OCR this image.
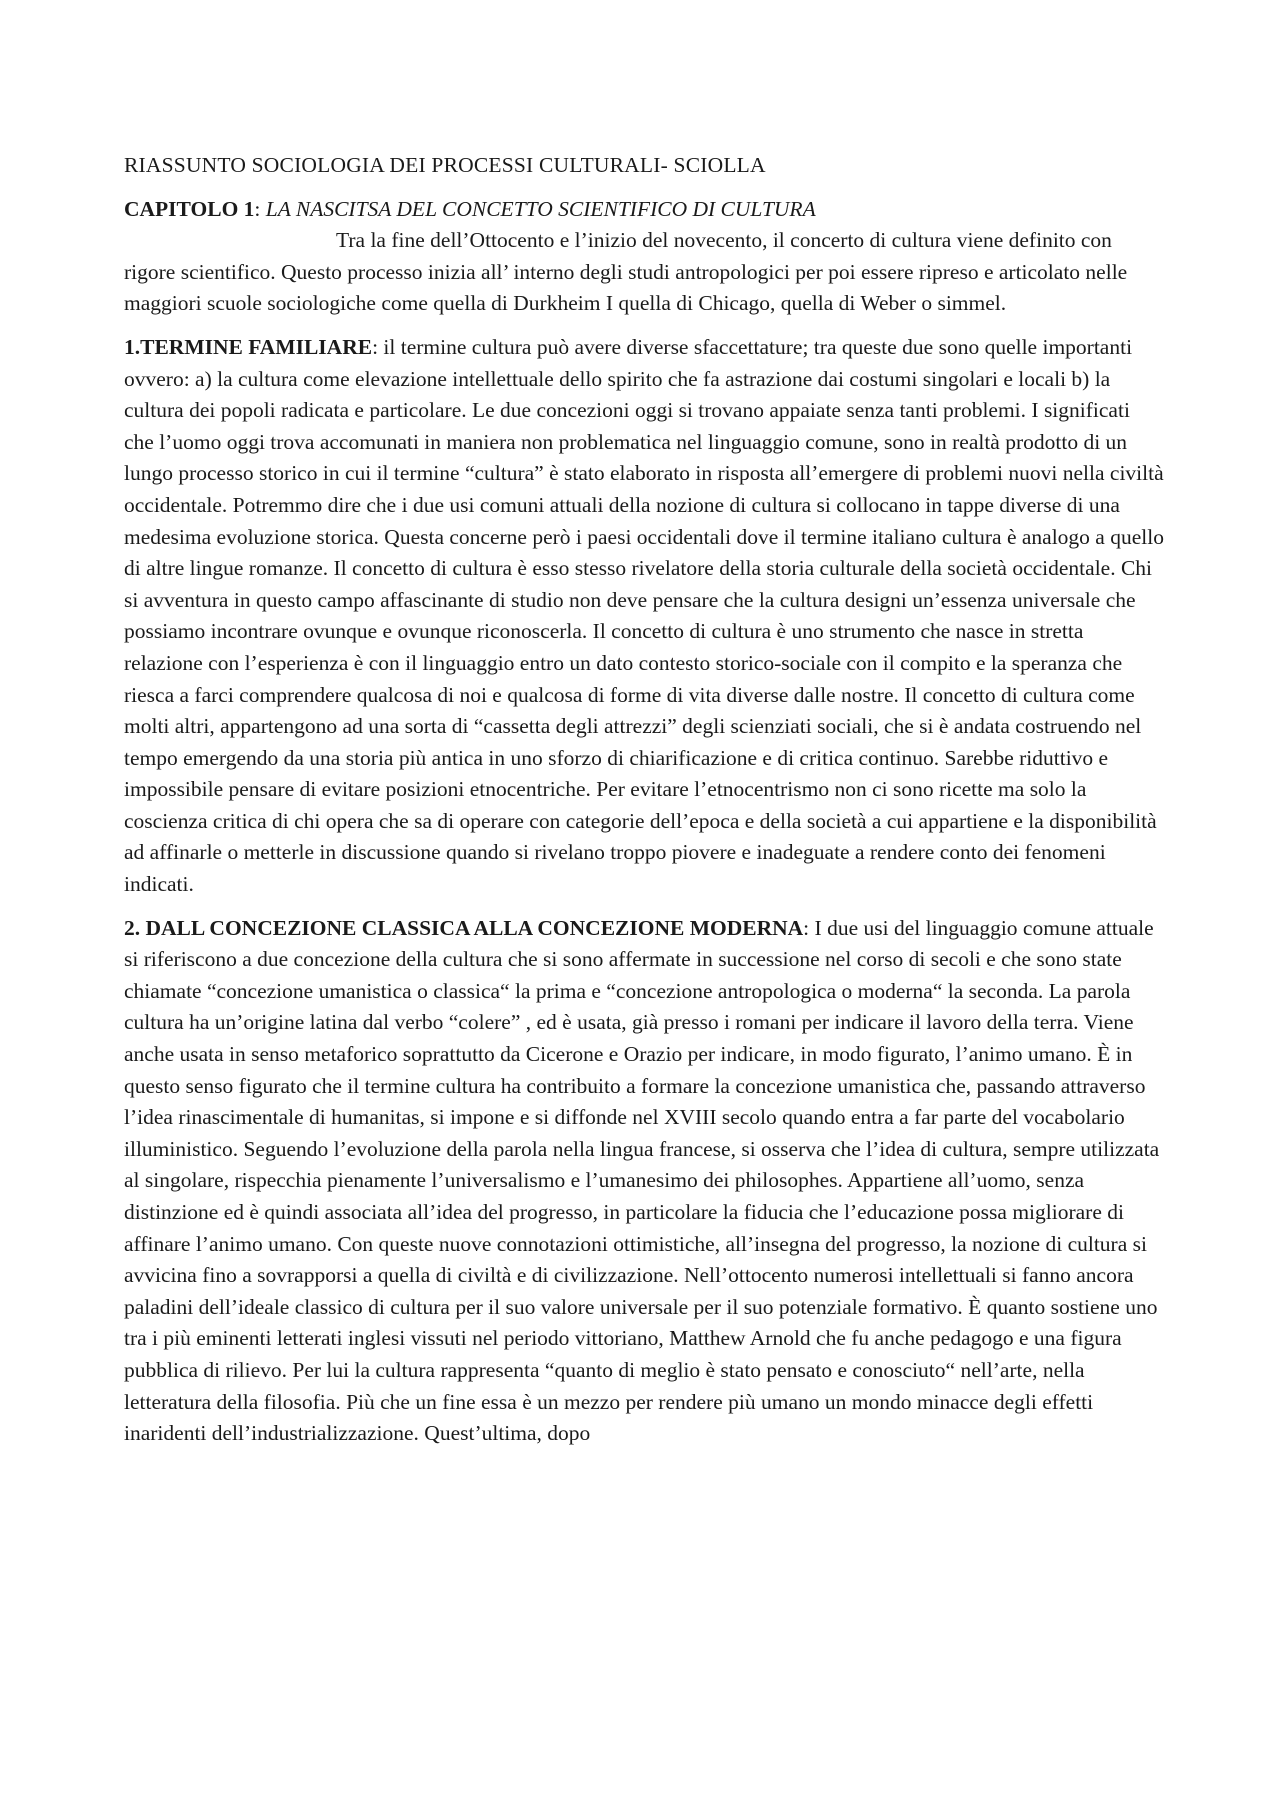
RIASSUNTO SOCIOLOGIA DEI PROCESSI CULTURALI- SCIOLLA

CAPITOLO 1: LA NASCITSA DEL CONCETTO SCIENTIFICO DI CULTURA
Tra la fine dell’Ottocento e l’inizio del novecento, il concerto di cultura viene definito con rigore scientifico. Questo processo inizia all’ interno degli studi antropologici per poi essere ripreso e articolato nelle maggiori scuole sociologiche come quella di Durkheim I quella di Chicago, quella di Weber o simmel.

1.TERMINE FAMILIARE: il termine cultura può avere diverse sfaccettature; tra queste due sono quelle importanti ovvero: a) la cultura come elevazione intellettuale dello spirito che fa astrazione dai costumi singolari e locali b) la cultura dei popoli radicata e particolare. Le due concezioni oggi si trovano appaiate senza tanti problemi. I significati che l’uomo oggi trova accomunati in maniera non problematica nel linguaggio comune, sono in realtà prodotto di un lungo processo storico in cui il termine “cultura” è stato elaborato in risposta all’emergere di problemi nuovi nella civiltà occidentale. Potremmo dire che i due usi comuni attuali della nozione di cultura si collocano in tappe diverse di una medesima evoluzione storica. Questa concerne però i paesi occidentali dove il termine italiano cultura è analogo a quello di altre lingue romanze. Il concetto di cultura è esso stesso rivelatore della storia culturale della società occidentale. Chi si avventura in questo campo affascinante di studio non deve pensare che la cultura designi un’essenza universale che possiamo incontrare ovunque e ovunque riconoscerla. Il concetto di cultura è uno strumento che nasce in stretta relazione con l’esperienza è con il linguaggio entro un dato contesto storico-sociale con il compito e la speranza che riesca a farci comprendere qualcosa di noi e qualcosa di forme di vita diverse dalle nostre. Il concetto di cultura come molti altri, appartengono ad una sorta di “cassetta degli attrezzi” degli scienziati sociali, che si è andata costruendo nel tempo emergendo da una storia più antica in uno sforzo di chiarificazione e di critica continuo. Sarebbe riduttivo e impossibile pensare di evitare posizioni etnocentriche. Per evitare l’etnocentrismo non ci sono ricette ma solo la coscienza critica di chi opera che sa di operare con categorie dell’epoca e della società a cui appartiene e la disponibilità ad affinarle o metterle in discussione quando si rivelano troppo piovere e inadeguate a rendere conto dei fenomeni indicati.

2. DALL CONCEZIONE CLASSICA ALLA CONCEZIONE MODERNA: I due usi del linguaggio comune attuale si riferiscono a due concezione della cultura che si sono affermate in successione nel corso di secoli e che sono state chiamate “concezione umanistica o classica“ la prima e “concezione antropologica o moderna“ la seconda. La parola cultura ha un’origine latina dal verbo “colere” , ed è usata, già presso i romani per indicare il lavoro della terra. Viene anche usata in senso metaforico soprattutto da Cicerone e Orazio per indicare, in modo figurato, l’animo umano. È in questo senso figurato che il termine cultura ha contribuito a formare la concezione umanistica che, passando attraverso l’idea rinascimentale di humanitas, si impone e si diffonde nel XVIII secolo quando entra a far parte del vocabolario illuministico. Seguendo l’evoluzione della parola nella lingua francese, si osserva che l’idea di cultura, sempre utilizzata al singolare, rispecchia pienamente l’universalismo e l’umanesimo dei philosophes. Appartiene all’uomo, senza distinzione ed è quindi associata all’idea del progresso, in particolare la fiducia che l’educazione possa migliorare di affinare l’animo umano. Con queste nuove connotazioni ottimistiche, all’insegna del progresso, la nozione di cultura si avvicina fino a sovrapporsi a quella di civiltà e di civilizzazione. Nell’ottocento numerosi intellettuali si fanno ancora paladini dell’ideale classico di cultura per il suo valore universale per il suo potenziale formativo. È quanto sostiene uno tra i più eminenti letterati inglesi vissuti nel periodo vittoriano, Matthew Arnold che fu anche pedagogo e una figura pubblica di rilievo. Per lui la cultura rappresenta “quanto di meglio è stato pensato e conosciuto“ nell’arte, nella letteratura della filosofia. Più che un fine essa è un mezzo per rendere più umano un mondo minacce degli effetti inaridenti dell’industrializzazione. Quest’ultima, dopo
